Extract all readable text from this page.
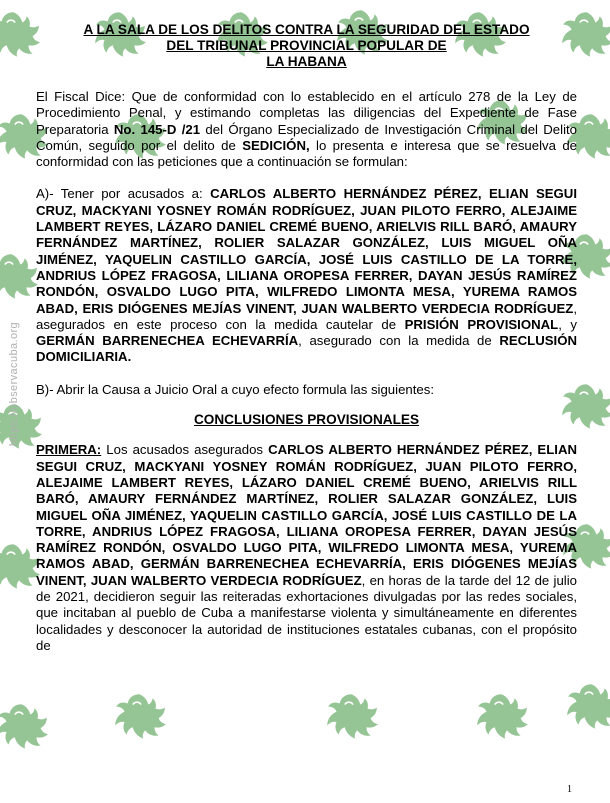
https://observacuba.org
A LA SALA DE LOS DELITOS CONTRA LA SEGURIDAD DEL ESTADO
DEL TRIBUNAL PROVINCIAL POPULAR DE
LA HABANA

El Fiscal Dice: Que de conformidad con lo establecido en el artículo 278 de la Ley de Procedimiento Penal, y estimando completas las diligencias del Expediente de Fase Preparatoria No. 145-D /21 del Órgano Especializado de Investigación Criminal del Delito Común, seguido por el delito de SEDICIÓN, lo presenta e interesa que se resuelva de conformidad con las peticiones que a continuación se formulan:

A)- Tener por acusados a: CARLOS ALBERTO HERNÁNDEZ PÉREZ, ELIAN SEGUI CRUZ, MACKYANI YOSNEY ROMÁN RODRÍGUEZ, JUAN PILOTO FERRO, ALEJAIME LAMBERT REYES, LÁZARO DANIEL CREMÉ BUENO, ARIELVIS RILL BARÓ, AMAURY FERNÁNDEZ MARTÍNEZ, ROLIER SALAZAR GONZÁLEZ, LUIS MIGUEL OÑA JIMÉNEZ, YAQUELIN CASTILLO GARCÍA, JOSÉ LUIS CASTILLO DE LA TORRE, ANDRIUS LÓPEZ FRAGOSA, LILIANA OROPESA FERRER, DAYAN JESÚS RAMÍREZ RONDÓN, OSVALDO LUGO PITA, WILFREDO LIMONTA MESA, YUREMA RAMOS ABAD, ERIS DIÓGENES MEJÍAS VINENT, JUAN WALBERTO VERDECIA RODRÍGUEZ, asegurados en este proceso con la medida cautelar de PRISIÓN PROVISIONAL, y GERMÁN BARRENECHEA ECHEVARRÍA, asegurado con la medida de RECLUSIÓN DOMICILIARIA.

B)- Abrir la Causa a Juicio Oral a cuyo efecto formula las siguientes:

CONCLUSIONES PROVISIONALES

PRIMERA: Los acusados asegurados CARLOS ALBERTO HERNÁNDEZ PÉREZ, ELIAN SEGUI CRUZ, MACKYANI YOSNEY ROMÁN RODRÍGUEZ, JUAN PILOTO FERRO, ALEJAIME LAMBERT REYES, LÁZARO DANIEL CREMÉ BUENO, ARIELVIS RILL BARÓ, AMAURY FERNÁNDEZ MARTÍNEZ, ROLIER SALAZAR GONZÁLEZ, LUIS MIGUEL OÑA JIMÉNEZ, YAQUELIN CASTILLO GARCÍA, JOSÉ LUIS CASTILLO DE LA TORRE, ANDRIUS LÓPEZ FRAGOSA, LILIANA OROPESA FERRER, DAYAN JESÚS RAMÍREZ RONDÓN, OSVALDO LUGO PITA, WILFREDO LIMONTA MESA, YUREMA RAMOS ABAD, GERMÁN BARRENECHEA ECHEVARRÍA, ERIS DIÓGENES MEJÍAS VINENT, JUAN WALBERTO VERDECIA RODRÍGUEZ, en horas de la tarde del 12 de julio de 2021, decidieron seguir las reiteradas exhortaciones divulgadas por las redes sociales, que incitaban al pueblo de Cuba a manifestarse violenta y simultáneamente en diferentes localidades y desconocer la autoridad de instituciones estatales cubanas, con el propósito de

1
